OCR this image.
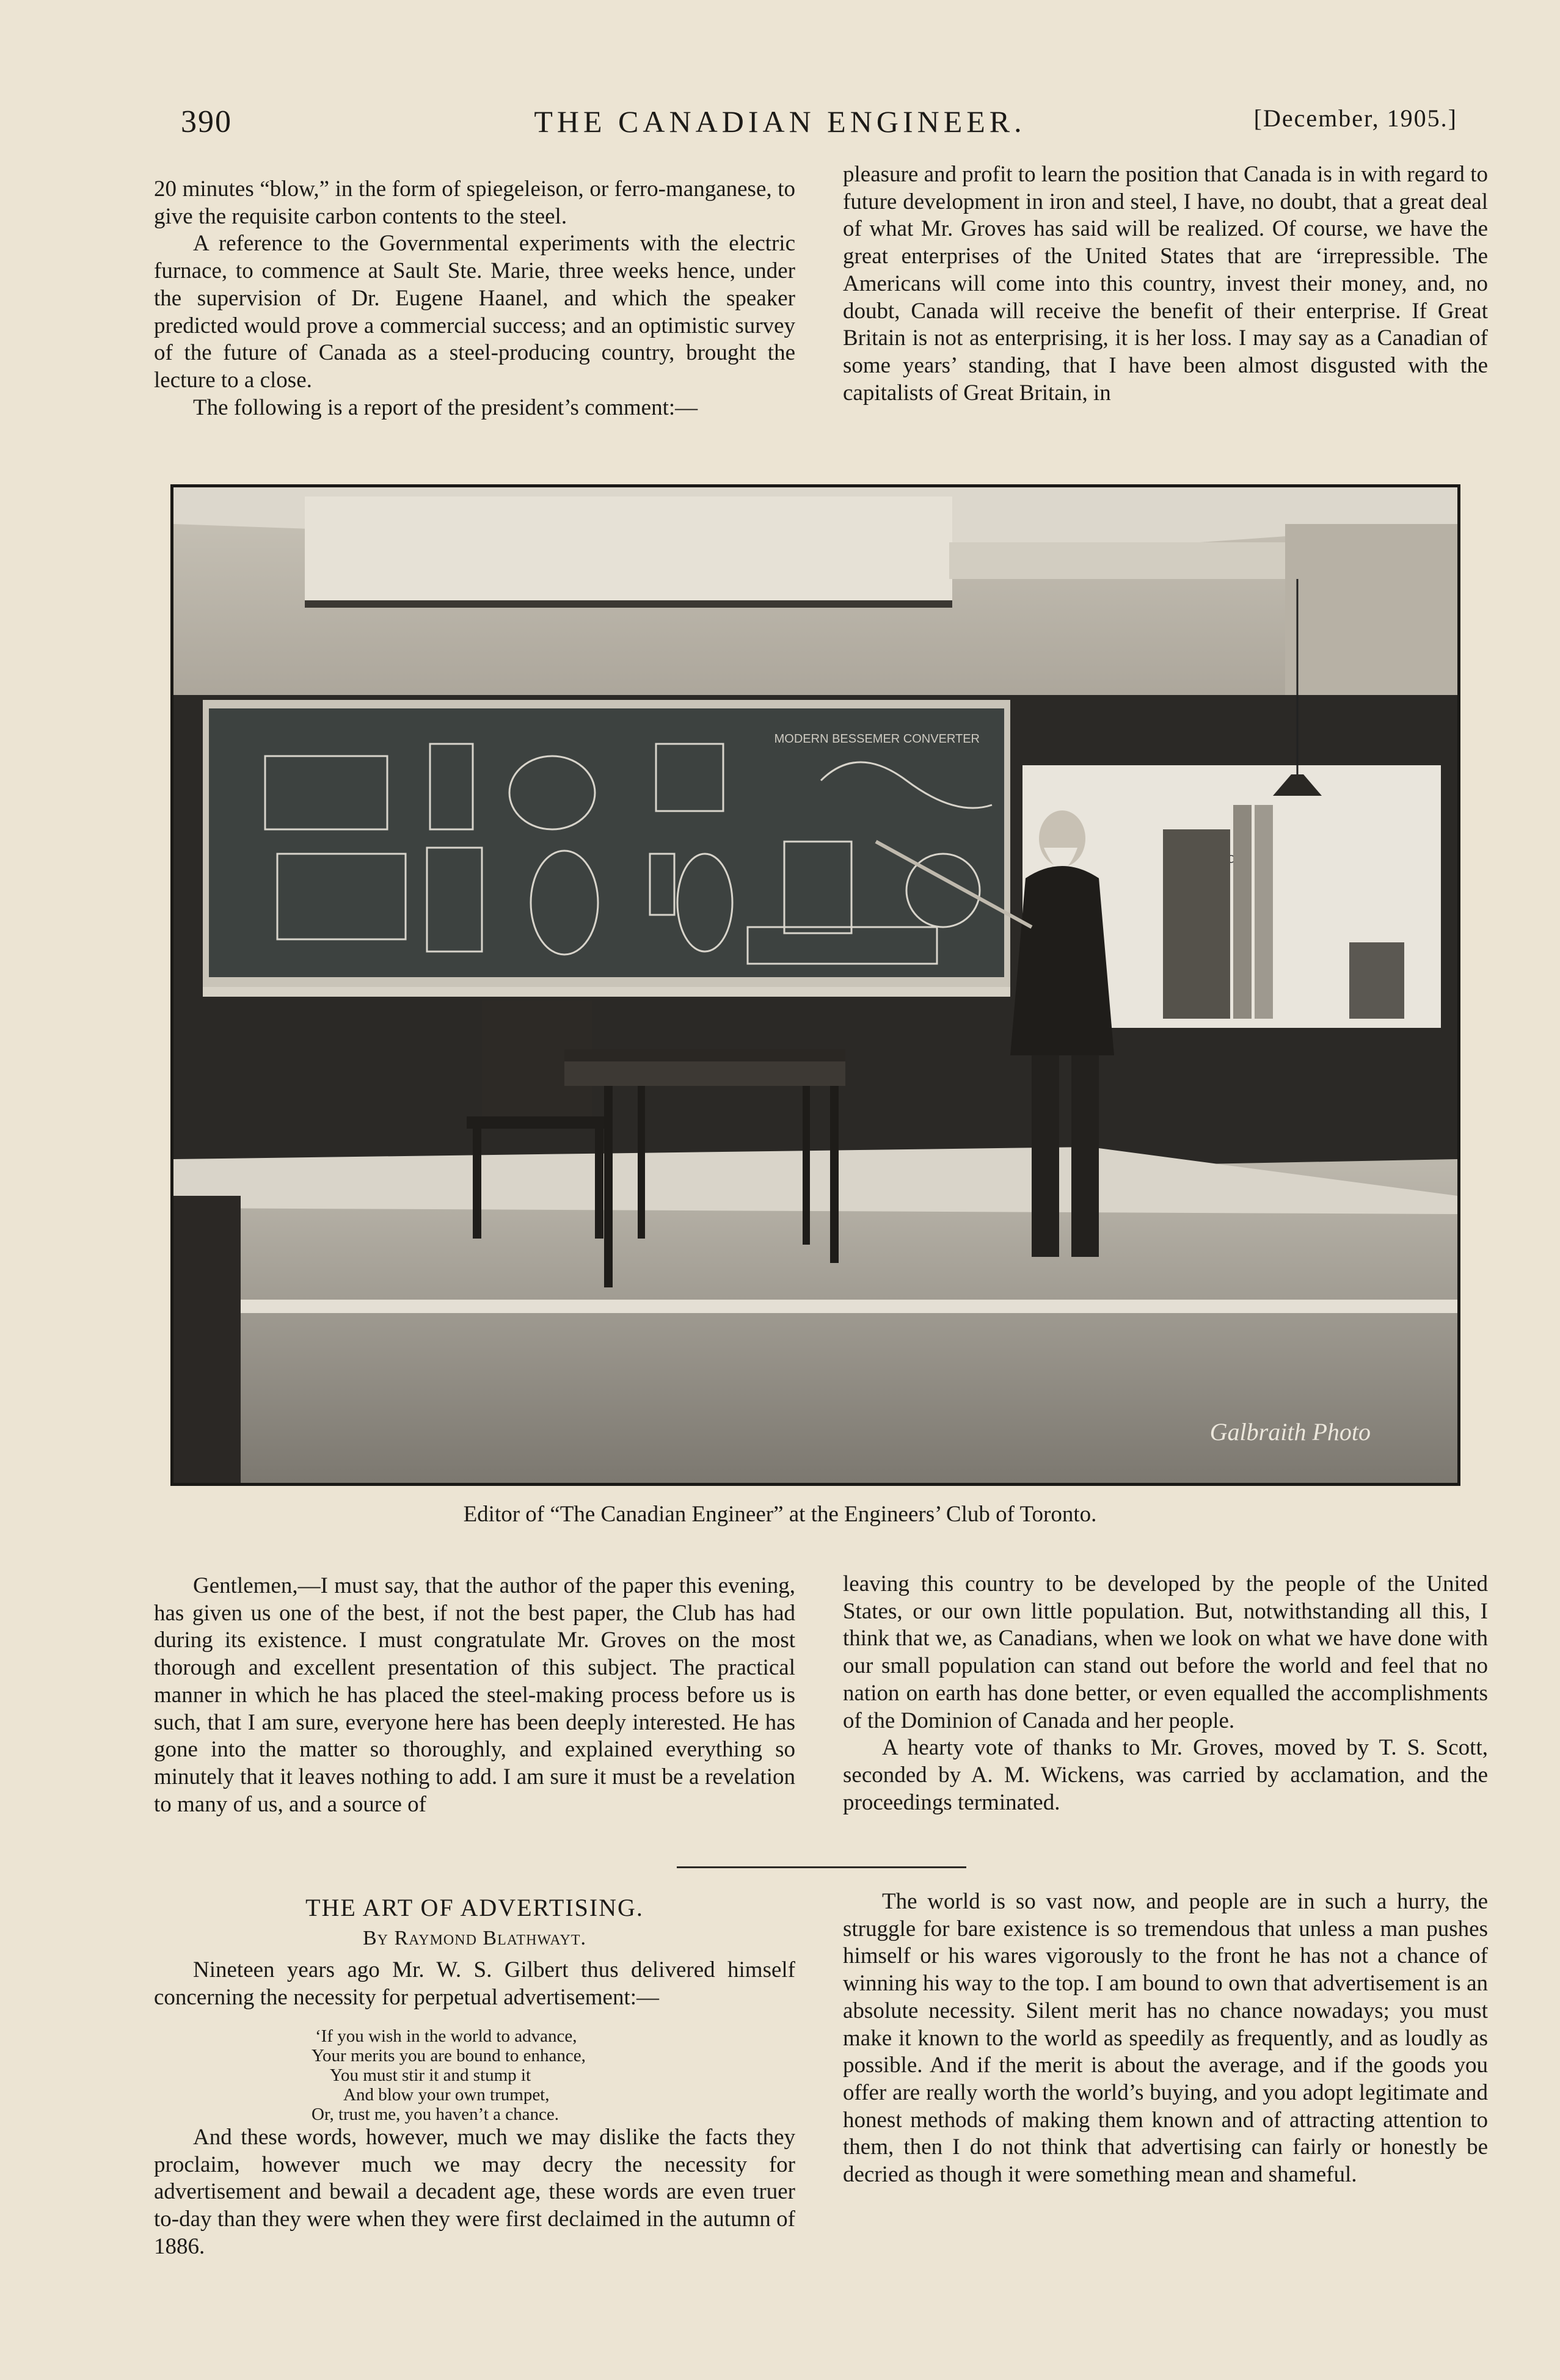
390	THE CANADIAN ENGINEER.	[December, 1905.]

20 minutes “blow,” in the form of spiegeleison, or ferro-manganese, to give the requisite carbon contents to the steel.

A reference to the Governmental experiments with the electric furnace, to commence at Sault Ste. Marie, three weeks hence, under the supervision of Dr. Eugene Haanel, and which the speaker predicted would prove a commercial success; and an optimistic survey of the future of Canada as a steel-producing country, brought the lecture to a close.

The following is a report of the president’s comment:—

pleasure and profit to learn the position that Canada is in with regard to future development in iron and steel, I have, no doubt, that a great deal of what Mr. Groves has said will be realized. Of course, we have the great enterprises of the United States that are ‘irrepressible. The Americans will come into this country, invest their money, and, no doubt, Canada will receive the benefit of their enterprise. If Great Britain is not as enterprising, it is her loss. I may say as a Canadian of some years’ standing, that I have been almost disgusted with the capitalists of Great Britain, in

MODERN BESSEMER CONVERTER
Galbraith Photo
Editor of “The Canadian Engineer” at the Engineers’ Club of Toronto.

Gentlemen,—I must say, that the author of the paper this evening, has given us one of the best, if not the best paper, the Club has had during its existence. I must congratulate Mr. Groves on the most thorough and excellent presentation of this subject. The practical manner in which he has placed the steel-making process before us is such, that I am sure, everyone here has been deeply interested. He has gone into the matter so thoroughly, and explained everything so minutely that it leaves nothing to add. I am sure it must be a revelation to many of us, and a source of

leaving this country to be developed by the people of the United States, or our own little population. But, notwithstanding all this, I think that we, as Canadians, when we look on what we have done with our small population can stand out before the world and feel that no nation on earth has done better, or even equalled the accomplishments of the Dominion of Canada and her people.

A hearty vote of thanks to Mr. Groves, moved by T. S. Scott, seconded by A. M. Wickens, was carried by acclamation, and the proceedings terminated.

THE ART OF ADVERTISING.
By Raymond Blathwayt.

Nineteen years ago Mr. W. S. Gilbert thus delivered himself concerning the necessity for perpetual advertisement:—

‘If you wish in the world to advance,
Your merits you are bound to enhance,
You must stir it and stump it
And blow your own trumpet,
Or, trust me, you haven’t a chance.

And these words, however, much we may dislike the facts they proclaim, however much we may decry the necessity for advertisement and bewail a decadent age, these words are even truer to-day than they were when they were first declaimed in the autumn of 1886.

The world is so vast now, and people are in such a hurry, the struggle for bare existence is so tremendous that unless a man pushes himself or his wares vigorously to the front he has not a chance of winning his way to the top. I am bound to own that advertisement is an absolute necessity. Silent merit has no chance nowadays; you must make it known to the world as speedily as frequently, and as loudly as possible. And if the merit is about the average, and if the goods you offer are really worth the world’s buying, and you adopt legitimate and honest methods of making them known and of attracting attention to them, then I do not think that advertising can fairly or honestly be decried as though it were something mean and shameful.
